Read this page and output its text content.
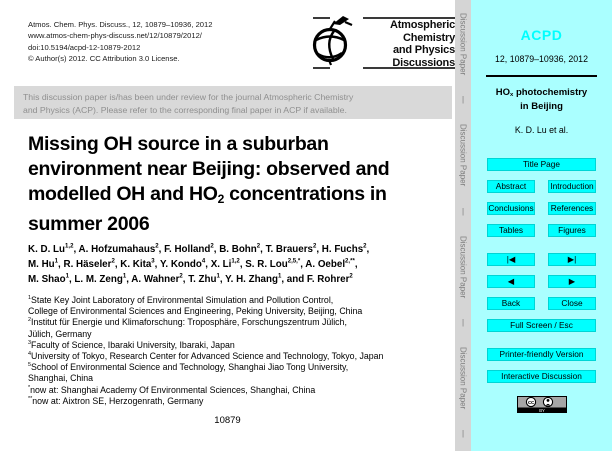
Atmos. Chem. Phys. Discuss., 12, 10879–10936, 2012
www.atmos-chem-phys-discuss.net/12/10879/2012/
doi:10.5194/acpd-12-10879-2012
© Author(s) 2012. CC Attribution 3.0 License.
Atmospheric
Chemistry
and Physics
Discussions
This discussion paper is/has been under review for the journal Atmospheric Chemistry
and Physics (ACP). Please refer to the corresponding final paper in ACP if available.
Missing OH source in a suburban
environment near Beijing: observed and
modelled OH and $HO_2$ concentrations in
summer 2006
K. D. Lu$^{1,2}$, A. Hofzumahaus$^2$, F. Holland$^2$, B. Bohn$^2$, T. Brauers$^2$, H. Fuchs$^2$,
M. Hu$^1$, R. Häseler$^2$, K. Kita$^3$, Y. Kondo$^4$, X. Li$^{1,2}$, S. R. Lou$^{2,5,*}$, A. Oebel$^{2,**}$,
M. Shao$^1$, L. M. Zeng$^1$, A. Wahner$^2$, T. Zhu$^1$, Y. H. Zhang$^1$, and F. Rohrer$^2$
$^1$State Key Joint Laboratory of Environmental Simulation and Pollution Control,
College of Environmental Sciences and Engineering, Peking University, Beijing, China
$^2$Institut für Energie und Klimaforschung: Troposphäre, Forschungszentrum Jülich,
Jülich, Germany
$^3$Faculty of Science, Ibaraki University, Ibaraki, Japan
$^4$University of Tokyo, Research Center for Advanced Science and Technology, Tokyo, Japan
$^5$School of Environmental Science and Technology, Shanghai Jiao Tong University,
Shanghai, China
*now at: Shanghai Academy Of Environmental Sciences, Shanghai, China
**now at: Aixtron SE, Herzogenrath, Germany
10879
Discussion Paper
|
Discussion Paper
|
Discussion Paper
|
Discussion Paper
|
ACPD
12, 10879–10936, 2012
$HO_x$ photochemistry
in Beijing
K. D. Lu et al.
Title Page
Abstract	Introduction
Conclusions	References
Tables	Figures
|◀	▶|
◀	▶
Back	Close
Full Screen / Esc
Printer-friendly Version
Interactive Discussion
cc
BY
